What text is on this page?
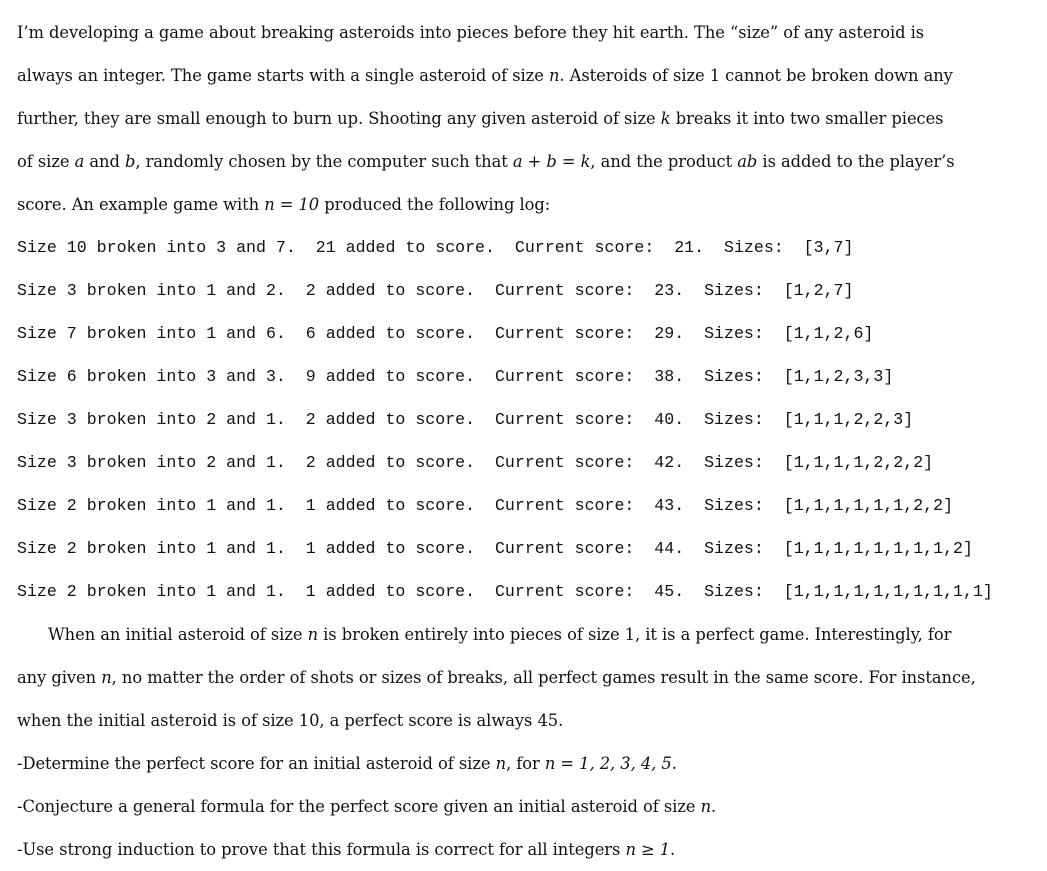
I’m developing a game about breaking asteroids into pieces before they hit earth. The “size” of any asteroid is
always an integer. The game starts with a single asteroid of size n. Asteroids of size 1 cannot be broken down any
further, they are small enough to burn up. Shooting any given asteroid of size k breaks it into two smaller pieces
of size a and b, randomly chosen by the computer such that a + b = k, and the product ab is added to the player’s
score. An example game with n = 10 produced the following log:
Size 10 broken into 3 and 7.  21 added to score.  Current score:  21.  Sizes:  [3,7]
Size 3 broken into 1 and 2.  2 added to score.  Current score:  23.  Sizes:  [1,2,7]
Size 7 broken into 1 and 6.  6 added to score.  Current score:  29.  Sizes:  [1,1,2,6]
Size 6 broken into 3 and 3.  9 added to score.  Current score:  38.  Sizes:  [1,1,2,3,3]
Size 3 broken into 2 and 1.  2 added to score.  Current score:  40.  Sizes:  [1,1,1,2,2,3]
Size 3 broken into 2 and 1.  2 added to score.  Current score:  42.  Sizes:  [1,1,1,1,2,2,2]
Size 2 broken into 1 and 1.  1 added to score.  Current score:  43.  Sizes:  [1,1,1,1,1,1,2,2]
Size 2 broken into 1 and 1.  1 added to score.  Current score:  44.  Sizes:  [1,1,1,1,1,1,1,1,2]
Size 2 broken into 1 and 1.  1 added to score.  Current score:  45.  Sizes:  [1,1,1,1,1,1,1,1,1,1]
When an initial asteroid of size n is broken entirely into pieces of size 1, it is a perfect game. Interestingly, for
any given n, no matter the order of shots or sizes of breaks, all perfect games result in the same score. For instance,
when the initial asteroid is of size 10, a perfect score is always 45.
-Determine the perfect score for an initial asteroid of size n, for n = 1, 2, 3, 4, 5.
-Conjecture a general formula for the perfect score given an initial asteroid of size n.
-Use strong induction to prove that this formula is correct for all integers n ≥ 1.
